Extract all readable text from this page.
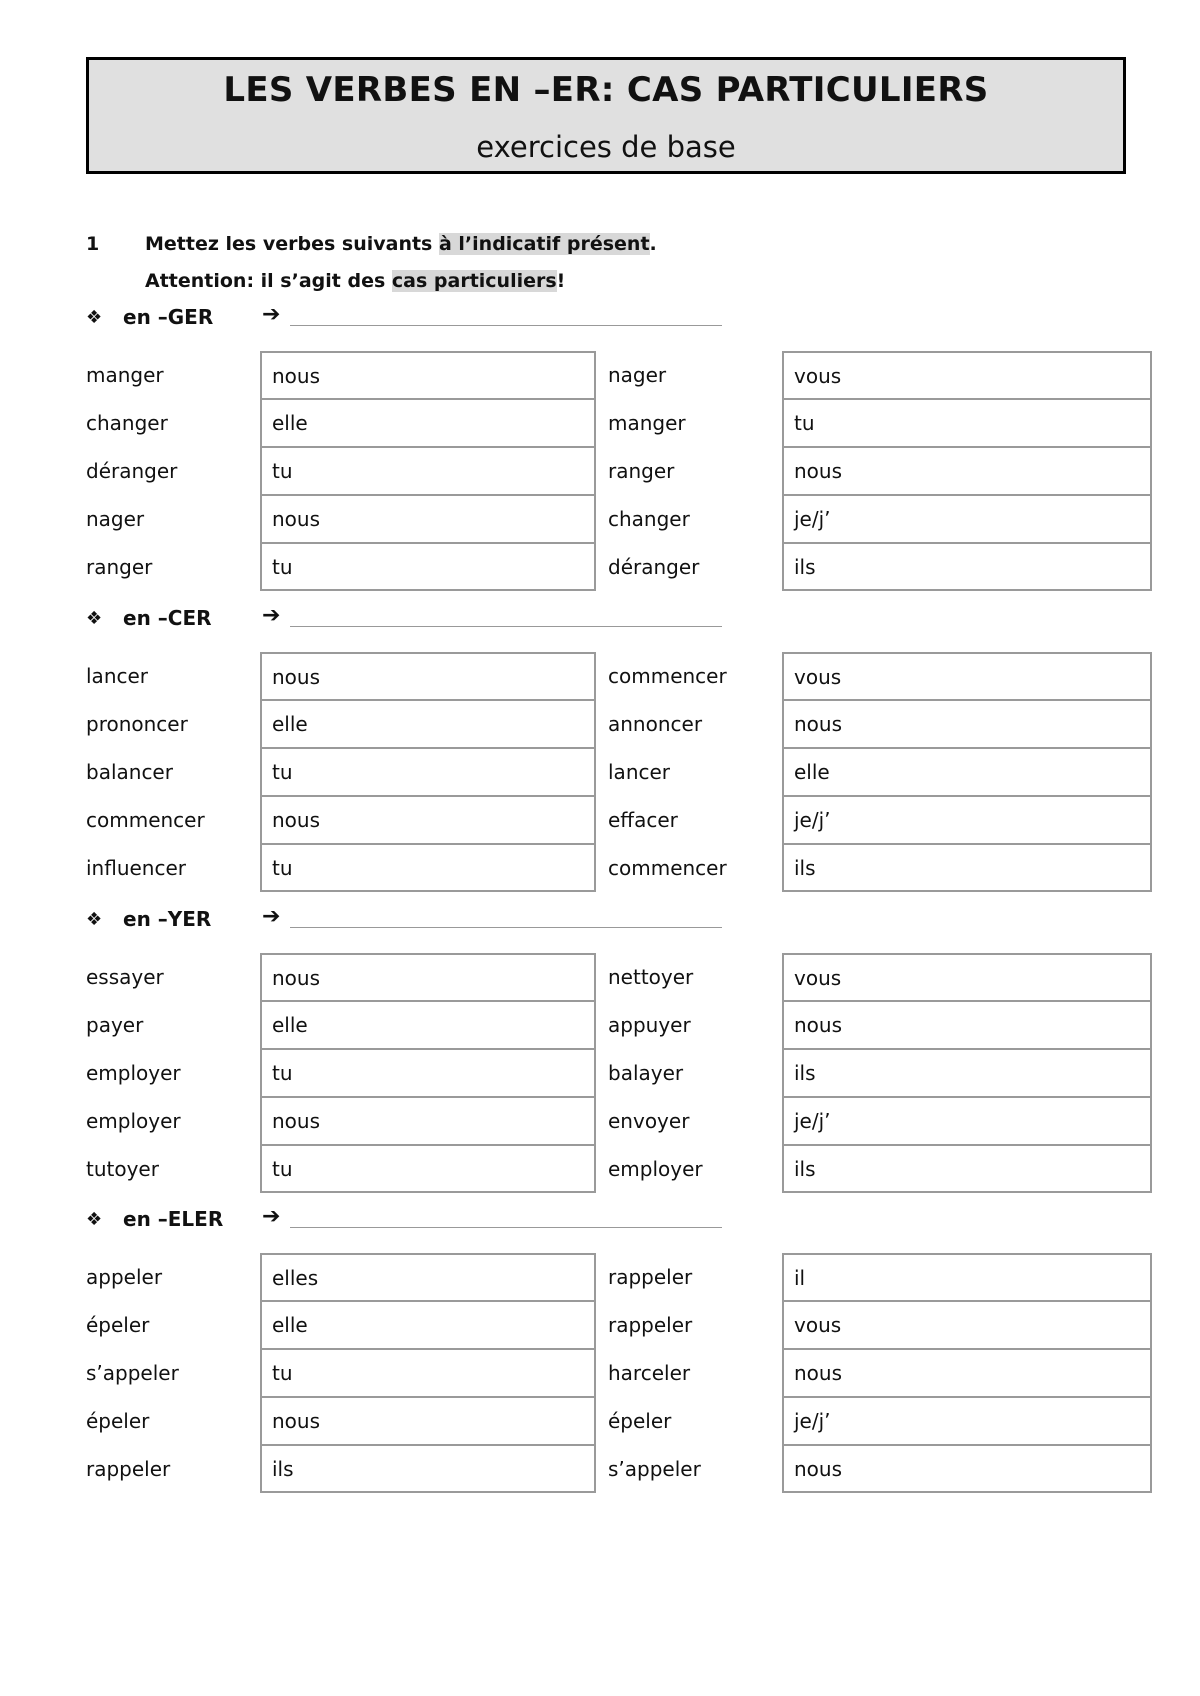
LES VERBES EN –ER: CAS PARTICULIERS
exercices de base
1 Mettez les verbes suivants à l’indicatif présent.
Attention: il s’agit des cas particuliers!
❖ en –GER ➔
manger	nous	nager	vous
changer	elle	manger	tu
déranger	tu	ranger	nous
nager	nous	changer	je/j’
ranger	tu	déranger	ils
❖ en –CER ➔
lancer	nous	commencer	vous
prononcer	elle	annoncer	nous
balancer	tu	lancer	elle
commencer	nous	effacer	je/j’
influencer	tu	commencer	ils
❖ en –YER ➔
essayer	nous	nettoyer	vous
payer	elle	appuyer	nous
employer	tu	balayer	ils
employer	nous	envoyer	je/j’
tutoyer	tu	employer	ils
❖ en –ELER ➔
appeler	elles	rappeler	il
épeler	elle	rappeler	vous
s’appeler	tu	harceler	nous
épeler	nous	épeler	je/j’
rappeler	ils	s’appeler	nous
